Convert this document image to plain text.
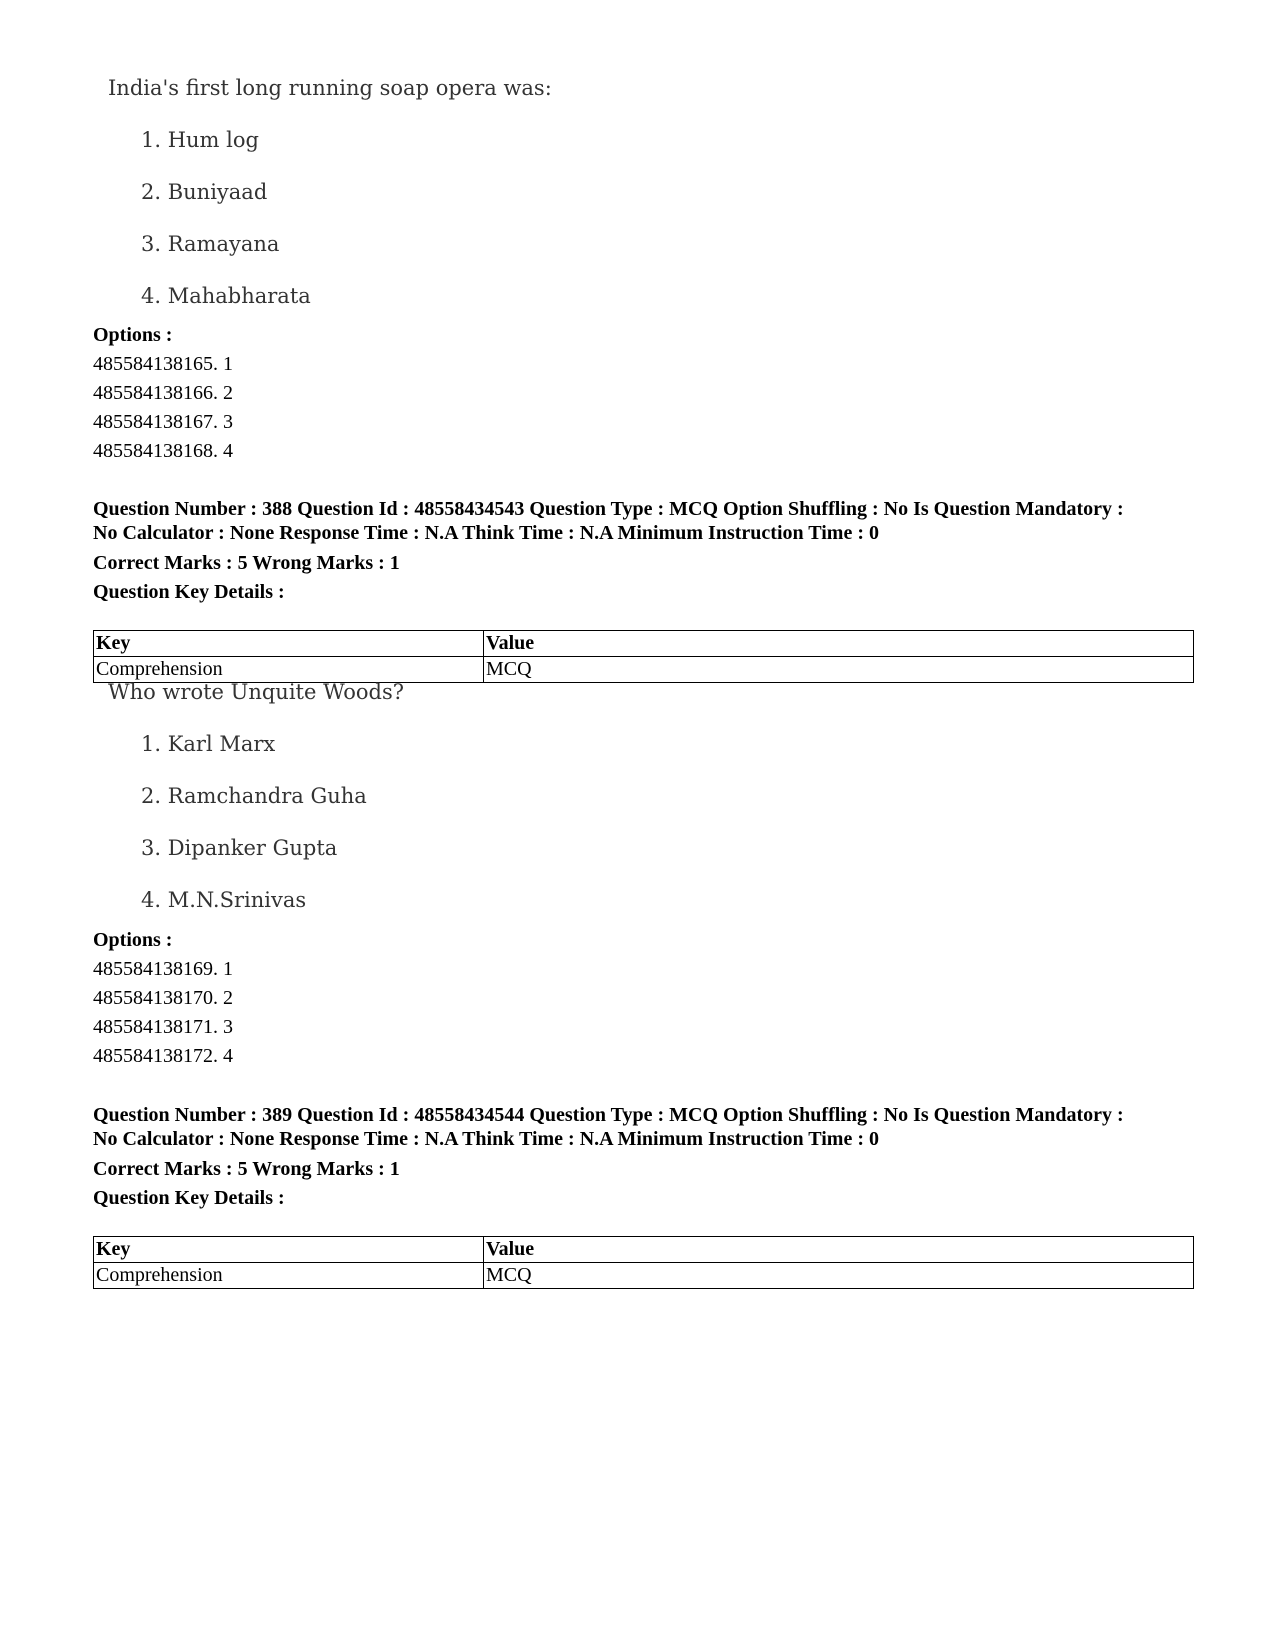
India's first long running soap opera was:
1. Hum log
2. Buniyaad
3. Ramayana
4. Mahabharata
Options :
485584138165. 1
485584138166. 2
485584138167. 3
485584138168. 4
Question Number : 388 Question Id : 48558434543 Question Type : MCQ Option Shuffling : No Is Question Mandatory :
No Calculator : None Response Time : N.A Think Time : N.A Minimum Instruction Time : 0
Correct Marks : 5 Wrong Marks : 1
Question Key Details :
Key	Value
Comprehension	MCQ
Who wrote Unquite Woods?
1. Karl Marx
2. Ramchandra Guha
3. Dipanker Gupta
4. M.N.Srinivas
Options :
485584138169. 1
485584138170. 2
485584138171. 3
485584138172. 4
Question Number : 389 Question Id : 48558434544 Question Type : MCQ Option Shuffling : No Is Question Mandatory :
No Calculator : None Response Time : N.A Think Time : N.A Minimum Instruction Time : 0
Correct Marks : 5 Wrong Marks : 1
Question Key Details :
Key	Value
Comprehension	MCQ
